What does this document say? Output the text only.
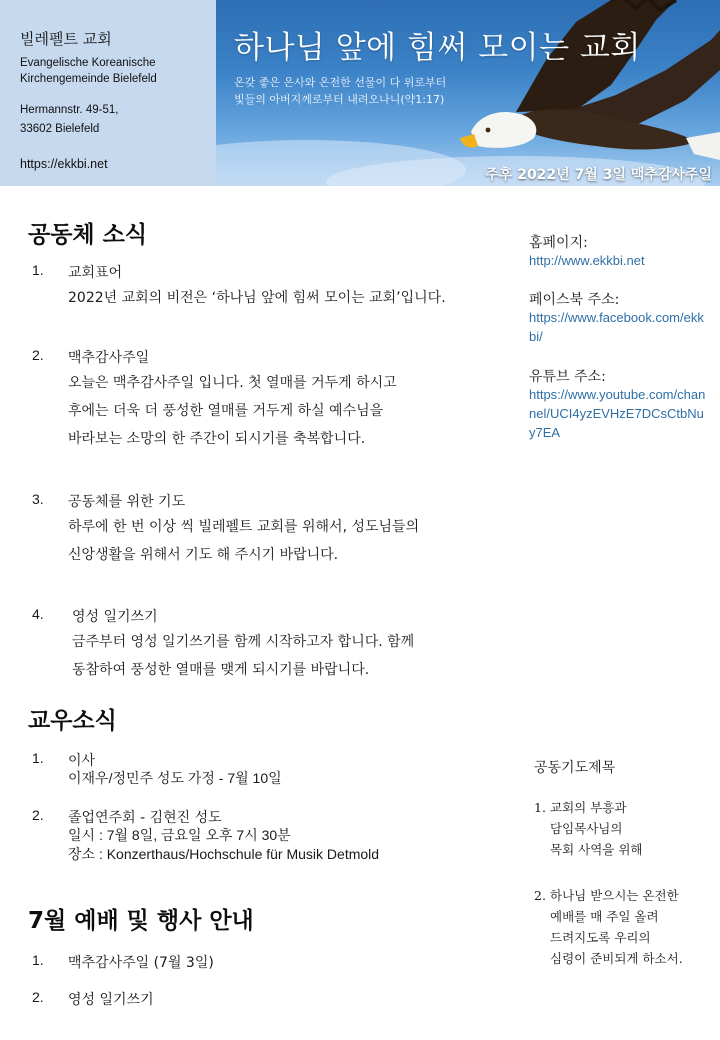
빌레펠트 교회
Evangelische Koreanische
Kirchengemeinde Bielefeld
Hermannstr. 49-51,
33602 Bielefeld
https://ekkbi.net
하나님 앞에 힘써 모이는 교회
온갖 좋은 은사와 온전한 선물이 다 위로부터
빛들의 아버지께로부터 내려오나니(약1:17)
주후 2022년 7월 3일 맥추감사주일
공동체 소식
1. 교회표어
2022년 교회의 비전은 ‘하나님 앞에 힘써 모이는 교회’입니다.
2. 맥추감사주일
오늘은 맥추감사주일 입니다. 첫 열매를 거두게 하시고
후에는 더욱 더 풍성한 열매를 거두게 하실 예수님을
바라보는 소망의 한 주간이 되시기를 축복합니다.
3. 공동체를 위한 기도
하루에 한 번 이상 씩 빌레펠트 교회를 위해서, 성도님들의
신앙생활을 위해서 기도 해 주시기 바랍니다.
4. 영성 일기쓰기
금주부터 영성 일기쓰기를 함께 시작하고자 합니다. 함께
동참하여 풍성한 열매를 맺게 되시기를 바랍니다.
교우소식
1. 이사
이재우/정민주 성도 가정 - 7월 10일
2. 졸업연주회 - 김현진 성도
일시 : 7월 8일, 금요일 오후 7시 30분
장소 : Konzerthaus/Hochschule für Musik Detmold
7월 예배 및 행사 안내
1. 맥추감사주일 (7월 3일)
2. 영성 일기쓰기
홈페이지:
http://www.ekkbi.net
페이스북 주소:
https://www.facebook.com/ekkbi/
유튜브 주소:
https://www.youtube.com/channel/UCI4yzEVHzE7DCsCtbNuy7EA
공동기도제목
1. 교회의 부흥과
담임목사님의
목회 사역을 위해
2. 하나님 받으시는 온전한
예배를 매 주일 올려
드려지도록 우리의
심령이 준비되게 하소서.
